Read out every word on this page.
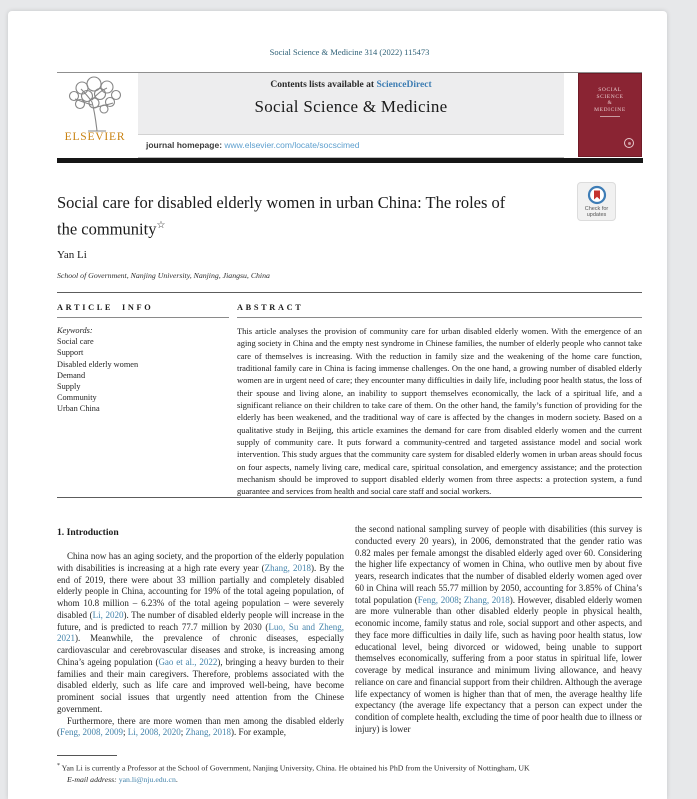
Social Science & Medicine 314 (2022) 115473
ELSEVIER
Contents lists available at ScienceDirect
Social Science & Medicine
journal homepage: www.elsevier.com/locate/socscimed
SOCIAL
SCIENCE
&
MEDICINE
Social care for disabled elderly women in urban China: The roles of
the community☆
Check for
updates
Yan Li
School of Government, Nanjing University, Nanjing, Jiangsu, China
ARTICLE INFO
Keywords:
Social care
Support
Disabled elderly women
Demand
Supply
Community
Urban China
ABSTRACT
This article analyses the provision of community care for urban disabled elderly women. With the emergence of an aging society in China and the empty nest syndrome in Chinese families, the number of elderly people who cannot take care of themselves is increasing. With the reduction in family size and the weakening of the home care function, traditional family care in China is facing immense challenges. On the one hand, a growing number of disabled elderly women are in urgent need of care; they encounter many difficulties in daily life, including poor health status, the loss of their spouse and living alone, an inability to support themselves economically, the lack of a spiritual life, and a significant reliance on their children to take care of them. On the other hand, the family’s function of providing for the elderly has been weakened, and the traditional way of care is affected by the changes in modern society. Based on a qualitative study in Beijing, this article examines the demand for care from disabled elderly women and the current supply of community care. It puts forward a community-centred and targeted assistance model and social work intervention. This study argues that the community care system for disabled elderly women in urban areas should focus on four aspects, namely living care, medical care, spiritual consolation, and emergency assistance; and the protection mechanism should be improved to support disabled elderly women from three aspects: a protection system, a fund guarantee and services from health and social care staff and social workers.
1. Introduction

China now has an aging society, and the proportion of the elderly population with disabilities is increasing at a high rate every year (Zhang, 2018). By the end of 2019, there were about 33 million partially and completely disabled elderly people in China, accounting for 19% of the total ageing population, of whom 10.8 million – 6.23% of the total ageing population – were severely disabled (Li, 2020). The number of disabled elderly people will increase in the future, and is predicted to reach 77.7 million by 2030 (Luo, Su and Zheng, 2021). Meanwhile, the prevalence of chronic diseases, especially cardiovascular and cerebrovascular diseases and stroke, is increasing among China’s ageing population (Gao et al., 2022), bringing a heavy burden to their families and their main caregivers. Therefore, problems associated with the disabled elderly, such as life care and improved well-being, have become prominent social issues that urgently need attention from the Chinese government.

Furthermore, there are more women than men among the disabled elderly (Feng, 2008, 2009; Li, 2008, 2020; Zhang, 2018). For example,

the second national sampling survey of people with disabilities (this survey is conducted every 20 years), in 2006, demonstrated that the gender ratio was 0.82 males per female amongst the disabled elderly aged over 60. Considering the higher life expectancy of women in China, who outlive men by about five years, research indicates that the number of disabled elderly women aged over 60 in China will reach 55.77 million by 2050, accounting for 3.85% of China’s total population (Feng, 2008; Zhang, 2018). However, disabled elderly women are more vulnerable than other disabled elderly people in physical health, economic income, family status and role, social support and other aspects, and they face more difficulties in daily life, such as having poor health status, low educational level, being divorced or widowed, being unable to support themselves economically, suffering from a poor status in spiritual life, lower coverage by medical insurance and minimum living allowance, and heavy reliance on care and financial support from their children. Although the average life expectancy of women is higher than that of men, the average healthy life expectancy (the average life expectancy that a person can expect under the condition of complete health, excluding the time of poor health due to illness or injury) is lower

* Yan Li is currently a Professor at the School of Government, Nanjing University, China. He obtained his PhD from the University of Nottingham, UK
E-mail address: yan.li@nju.edu.cn.
